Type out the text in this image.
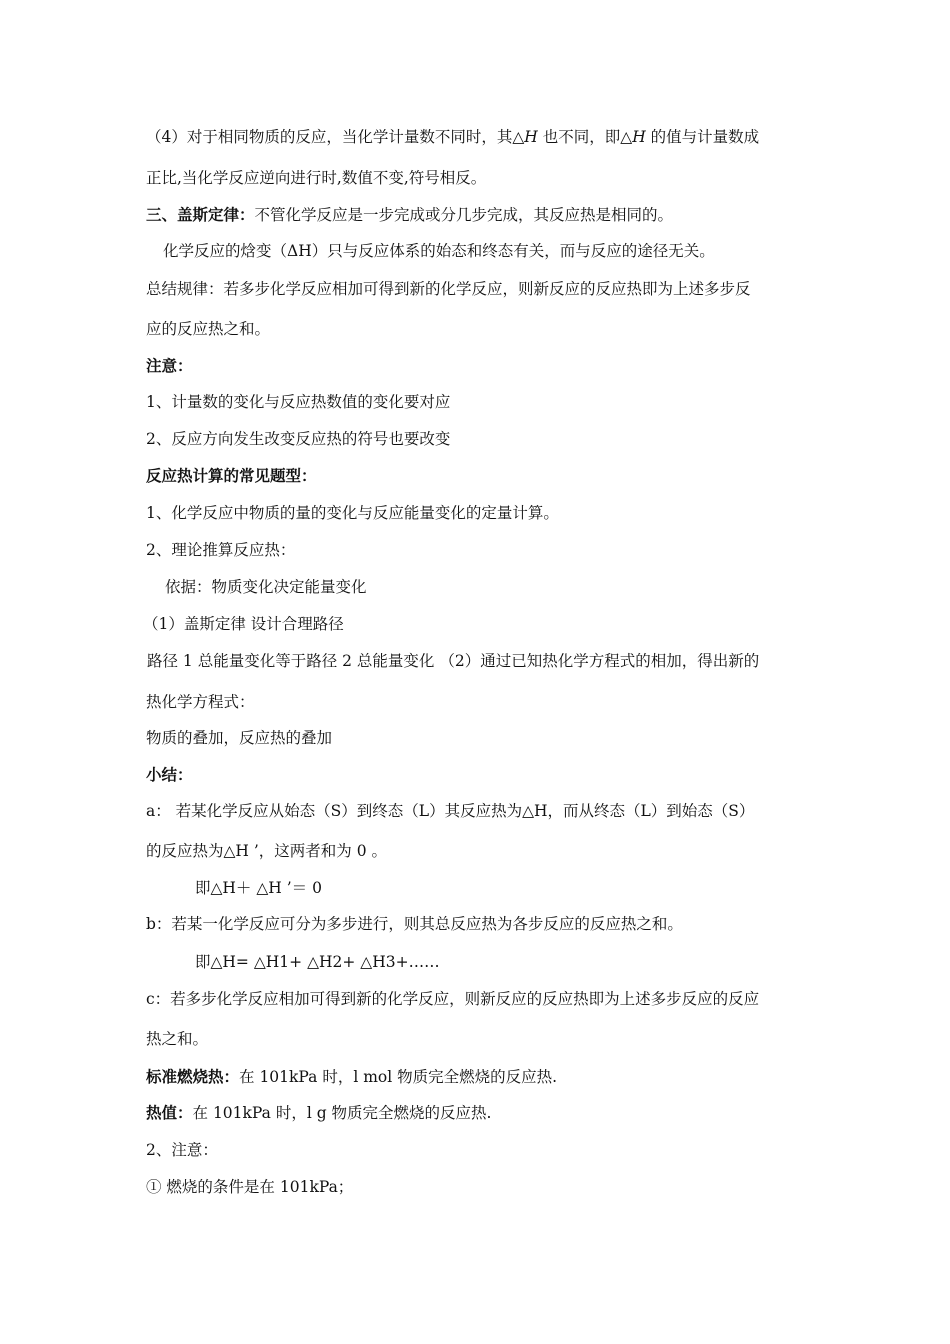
（4）对于相同物质的反应，当化学计量数不同时，其△H 也不同，即△H 的值与计量数成
正比,当化学反应逆向进行时,数值不变,符号相反。
三、盖斯定律：不管化学反应是一步完成或分几步完成，其反应热是相同的。
化学反应的焓变（ΔH）只与反应体系的始态和终态有关，而与反应的途径无关。
总结规律：若多步化学反应相加可得到新的化学反应，则新反应的反应热即为上述多步反
应的反应热之和。
注意：
1、计量数的变化与反应热数值的变化要对应
2、反应方向发生改变反应热的符号也要改变
反应热计算的常见题型：
1、化学反应中物质的量的变化与反应能量变化的定量计算。
2、理论推算反应热：
依据：物质变化决定能量变化
（1）盖斯定律 设计合理路径
路径 1 总能量变化等于路径 2 总能量变化 （2）通过已知热化学方程式的相加，得出新的
热化学方程式：
物质的叠加，反应热的叠加
小结：
a： 若某化学反应从始态（S）到终态（L）其反应热为△H，而从终态（L）到始态（S）
的反应热为△H ’，这两者和为 0 。
即△H＋ △H ’＝ 0
b：若某一化学反应可分为多步进行，则其总反应热为各步反应的反应热之和。
即△H= △H1+ △H2+ △H3+……
c：若多步化学反应相加可得到新的化学反应，则新反应的反应热即为上述多步反应的反应
热之和。
标准燃烧热：在 101kPa 时，l mol 物质完全燃烧的反应热.
热值：在 101kPa 时，l g 物质完全燃烧的反应热.
2、注意：
① 燃烧的条件是在 101kPa；
